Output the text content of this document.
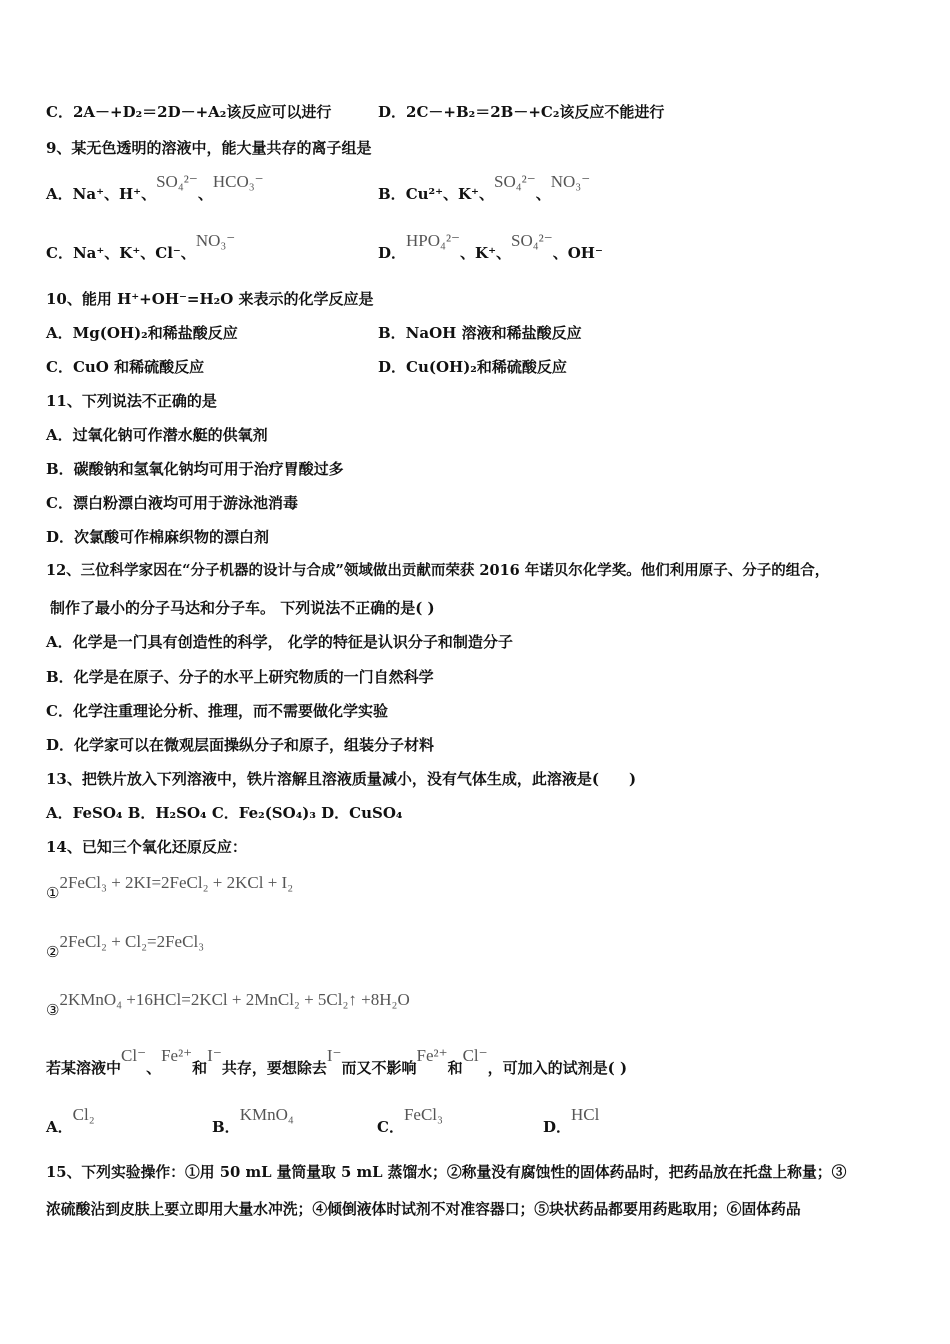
C．2A－+D₂＝2D－+A₂该反应可以进行	D．2C－+B₂＝2B－+C₂该反应不能进行
9、某无色透明的溶液中，能大量共存的离子组是
A．Na⁺、H⁺、SO₄²⁻、HCO₃⁻
B．Cu²⁺、K⁺、SO₄²⁻、NO₃⁻
C．Na⁺、K⁺、Cl⁻、NO₃⁻
D．HPO₄²⁻、K⁺、SO₄²⁻、OH⁻
10、能用 H⁺+OH⁻=H₂O 来表示的化学反应是
A．Mg(OH)₂和稀盐酸反应	B．NaOH 溶液和稀盐酸反应
C．CuO 和稀硫酸反应	D．Cu(OH)₂和稀硫酸反应
11、下列说法不正确的是
A．过氧化钠可作潜水艇的供氧剂
B．碳酸钠和氢氧化钠均可用于治疗胃酸过多
C．漂白粉漂白液均可用于游泳池消毒
D．次氯酸可作棉麻织物的漂白剂
12、三位科学家因在“分子机器的设计与合成”领域做出贡献而荣获 2016 年诺贝尔化学奖。他们利用原子、分子的组合，
制作了最小的分子马达和分子车。 下列说法不正确的是( )
A．化学是一门具有创造性的科学， 化学的特征是认识分子和制造分子
B．化学是在原子、分子的水平上研究物质的一门自然科学
C．化学注重理论分析、推理，而不需要做化学实验
D．化学家可以在微观层面操纵分子和原子，组装分子材料
13、把铁片放入下列溶液中，铁片溶解且溶液质量减小，没有气体生成，此溶液是(　　)
A．FeSO₄ B．H₂SO₄ C．Fe₂(SO₄)₃ D．CuSO₄
14、已知三个氧化还原反应：
①2FeCl₃ + 2KI=2FeCl₂ + 2KCl + I₂
②2FeCl₂ + Cl₂=2FeCl₃
③2KMnO₄ +16HCl=2KCl + 2MnCl₂ + 5Cl₂↑ +8H₂O
若某溶液中Cl⁻、Fe²⁺和I⁻共存，要想除去I⁻而又不影响Fe²⁺和Cl⁻，可加入的试剂是( )
A．Cl₂
B．KMnO₄
C．FeCl₃
D．HCl
15、下列实验操作：①用 50 mL 量筒量取 5 mL 蒸馏水；②称量没有腐蚀性的固体药品时，把药品放在托盘上称量；③
浓硫酸沾到皮肤上要立即用大量水冲洗；④倾倒液体时试剂不对准容器口；⑤块状药品都要用药匙取用；⑥固体药品
